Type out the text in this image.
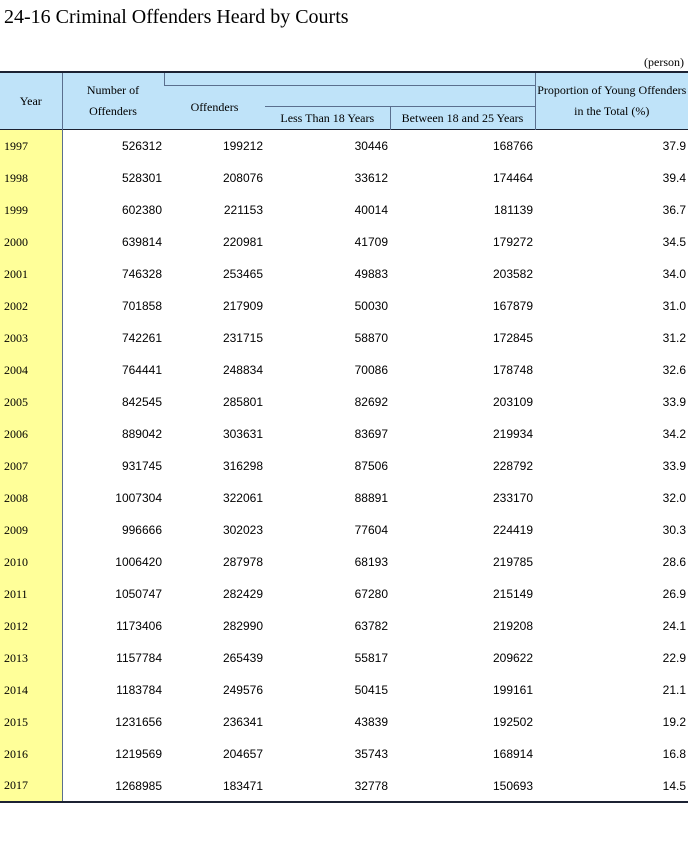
24-16 Criminal Offenders Heard by Courts
(person)
Year	Number of Offenders				Proportion of Young Offenders in the Total (%)
		Offenders			
			Less Than 18 Years	Between 18 and 25 Years	
1997	526312	199212	30446	168766	37.9
1998	528301	208076	33612	174464	39.4
1999	602380	221153	40014	181139	36.7
2000	639814	220981	41709	179272	34.5
2001	746328	253465	49883	203582	34.0
2002	701858	217909	50030	167879	31.0
2003	742261	231715	58870	172845	31.2
2004	764441	248834	70086	178748	32.6
2005	842545	285801	82692	203109	33.9
2006	889042	303631	83697	219934	34.2
2007	931745	316298	87506	228792	33.9
2008	1007304	322061	88891	233170	32.0
2009	996666	302023	77604	224419	30.3
2010	1006420	287978	68193	219785	28.6
2011	1050747	282429	67280	215149	26.9
2012	1173406	282990	63782	219208	24.1
2013	1157784	265439	55817	209622	22.9
2014	1183784	249576	50415	199161	21.1
2015	1231656	236341	43839	192502	19.2
2016	1219569	204657	35743	168914	16.8
2017	1268985	183471	32778	150693	14.5
